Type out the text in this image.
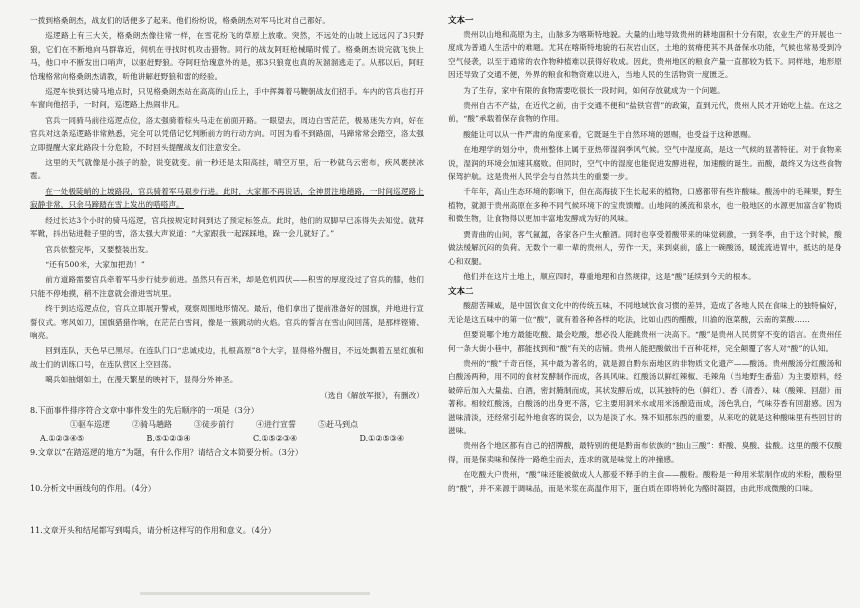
一拨到格桑朗杰，战友们的话便多了起来。他们纷纷说，格桑朗杰对军马比对自己都好。

巡逻路上有三大关，格桑朗杰像往常一样，在雪花纷飞的草原上放歌。突然，不远处的山坡上远远闪了3只野狼，它们在不断地向马群靠近，伺机在寻找时机攻击猎物。同行的战友阿旺枪械瞄时慌了。格桑朗杰说完就飞快上马，他口中不断发出口哨声，以驱赶野狼。夺阿旺恰瑰意外的是，那3只狼竟也真的灰溜溜逃走了。从那以后，阿旺恰瑰格常向格桑朗杰请教，听他讲解赶野狼和雷的经验。

巡逻车快到达骑马地点时，只见格桑朗杰站在高高的山丘上，手中挥舞着马鞭朝战友们招手。车内的官兵也打开车窗向他招手，一时间，巡逻路上热闹非凡。

官兵一同骑马前往巡逻点位，洛太强骑着棕头马走在前面开路。一眼望去，周边白雪茫茫，极易迷失方向，好在官兵对这条巡逻路非常熟悉，完全可以凭借记忆判断前方的行动方向。可因为看不到路面，马蹄常常会踏空，洛太强立即提醒大家此路段十分危险，不时回头提醒战友们注意安全。

这里的天气就像是小孩子的脸，说变就变。前一秒还是太阳高挂，晴空万里，后一秒就乌云密布，疾风裹挟冰雹。

在一处极陡峭的上坡路段，官兵骑着军马艰步行进。此时，大家都不再说话，全神贯注地趟路，一时间巡逻路上寂静非常，只余马蹄踏在雪上发出的嗒嗒声。

经过长达3个小时的骑马巡逻，官兵按规定时间到达了预定标签点。此时，他们的双脚早已冻得失去知觉。就拜军靴，抖出钻进鞋子里的雪，洛太强大声说道：“大家跟我一起踩踩地，跺一会儿就好了。”

官兵依整完毕，又要整装出发。

“还有500米，大家加把劲！”

前方道路需要官兵牵着军马步行徒步前进。虽然只有百米，却是危机四伏——积雪的厚度没过了官兵的膝，他们只能不停地摸，稍不注意就会滑进雪坑里。

终于到达巡逻点位，官兵立即展开警戒，观察周围地形情况。最后，他们拿出了提前准备好的国旗，并地进行宣誓仪式。寒风如刀，国旗猎猎作响，在茫茫白雪间，像是一簇跳动的火焰。官兵的誓言在雪山间回荡，是那样铿锵、响亮。

回到连队，天色早已黑尽。在连队门口“忠诚戍边，扎根高原”8个大字，显得格外醒目，不远处飘着五星红旗和战士们的训练口号，在连队营区上空回荡。

噶兵如抽烟如土，在漫天繁星的映衬下，显得分外神圣。

（选自《解放军报》，有删改）

8.下面事件排序符合文章中事件发生的先后顺序的一项是（3分）
①驱车巡逻	②骑马趟路	③徒步前行	④进行宣誓	⑤赶马到点
A.①②③④⑤	B.⑤①②③④	C.①⑤②③④	D.①②⑤③④
9.文章以“在踏巡逻的地方”为题，有什么作用？请结合文本简要分析。（3分）
10.分析文中画线句的作用。（4分）
11.文章开头和结尾都写到喝兵，请分析这样写的作用和意义。（4分）
文本一

贵州以山地和高原为主，山脉多为喀斯特地貌。大量的山地导致贵州的耕地面积十分有限，农业生产的开展也一度成为普通人生活中的难题。尤其在喀斯特地貌的石灰岩山区，土地的贫瘠使其不具备保水功能，气候也常易受到冷空气侵袭，以至于通常的农作物种植难以获得好收成。因此，贵州地区的粮食产量一直都较为低下。同样地，地形原因还导致了交通不便，外界的粮食和物资难以进入，当地人民的生活物资一度匮乏。

为了生存，家中有限的食物需要吃很长一段时间，如何存放就成为一个问题。

贵州自古不产盐，在近代之前，由于交通不便和“盐铁官营”的政策，直到元代，贵州人民才开始吃上盐。在这之前，“酸”承载着保存食物的作用。

酸能让可以从一件严肃的角度来看，它既诞生于自然环境的恩赐，也受益于这种恩赐。

在地理学的划分中，贵州整体上属于亚热带湿润季风气候。空气中湿度高，是这一气候的显著特征。对于食物来说，湿润的环境会加速其腐败。但同时，空气中的湿度也能促进发酵进程，加速酸的诞生。而酸，最终又为这些食物保驾护航。这是贵州人民学会与自然共生的重要一步。

千年年，高山生态环境的影响下，但在高海拔下生长起来的植物，口感都带有些许酸味。酸汤中的毛辣果，野生植物，就源于贵州高原在多种不同气候环境下的宝贵馈赠。山地间的溪流和泉水，也一般地区的水源更加富含矿物质和微生物，让食物得以更加丰富地发酵成为好的风味。

贾青曲的山间，客气氤氲，各家各户生火酿酒。同时也享受着酸带来的味觉刺激，一到冬季，由于这个时候，酸做法缓解沉闷的负荷。无数个一辈一辈的贵州人，劳作一天，来到桌前，盛上一碗酸汤，暖流流进胃中，抵达的是身心和双腿。

他们并在这片土地上，顺应四时，尊重地理和自然规律，这是“酸”延续到今天的根本。

文本二

酸甜苦辣咸，是中国饮食文化中的传统五味，不同地域饮食习惯的差异，造成了各地人民在食味上的独特偏好，无论是这五味中的第一位“酸”，就有着各种各样的吃法，比如山西的醋酸，川渝的泡菜酸，云南的菜酸……

但要说哪个地方最能吃酸、最会吃酸，想必没人能跳贵州一决高下。“酸”是贵州人民贯穿不变的语言。在贵州任何一条大街小巷中，都能找到和“酸”有关的店铺。贵州人能把酸做出千百种花样，完全颠覆了客人对“酸”的认知。

贵州的“酸”千奇百怪，其中最为著名的，就是源自黔东南地区的非物质文化遗产——酸汤。贵州酸汤分红酸汤和白酸汤两种，用不同的食材发酵制作而成，各具风味。红酸汤以鲜红辣椒、毛辣角（当地野生番茄）为主要原料，经破碎后加入大量盐、白酒，密封腌制而成，其状发酵后成，以其独特的色（鲜红）、香（清香）、味（酸辣、回甜）而著称。相较红酸汤，白酸汤的出身更不落，它主要用洞米水或用米汤酿造而成，汤色乳白，气味芬香有回甜感。因为滋味清淡，还经常引起外地食客的误会，以为是淡了水。殊不知那东西的重要，从来吃的就是这种酸味里有些回甘的滋味。

贵州各个地区都有自己的招牌酸，最特别的便是黔南布依族的“独山三酸”：虾酸、臭酸、盐酸。这里的酸不仅酸得，而是保卖味和保待一路绝尘而去，连求的就是味觉上的冲撞感。

在吃酸大户贵州，“酸”味还能被做成人人都爱不释手的主食——酸粉。酸粉是一种用米浆制作成的米粉，酸粉里的“酸”，并不来源于调味品，而是米浆在高温作用下，蛋白质在即将转化为酪时凝固，由此形成微酸的口味。
